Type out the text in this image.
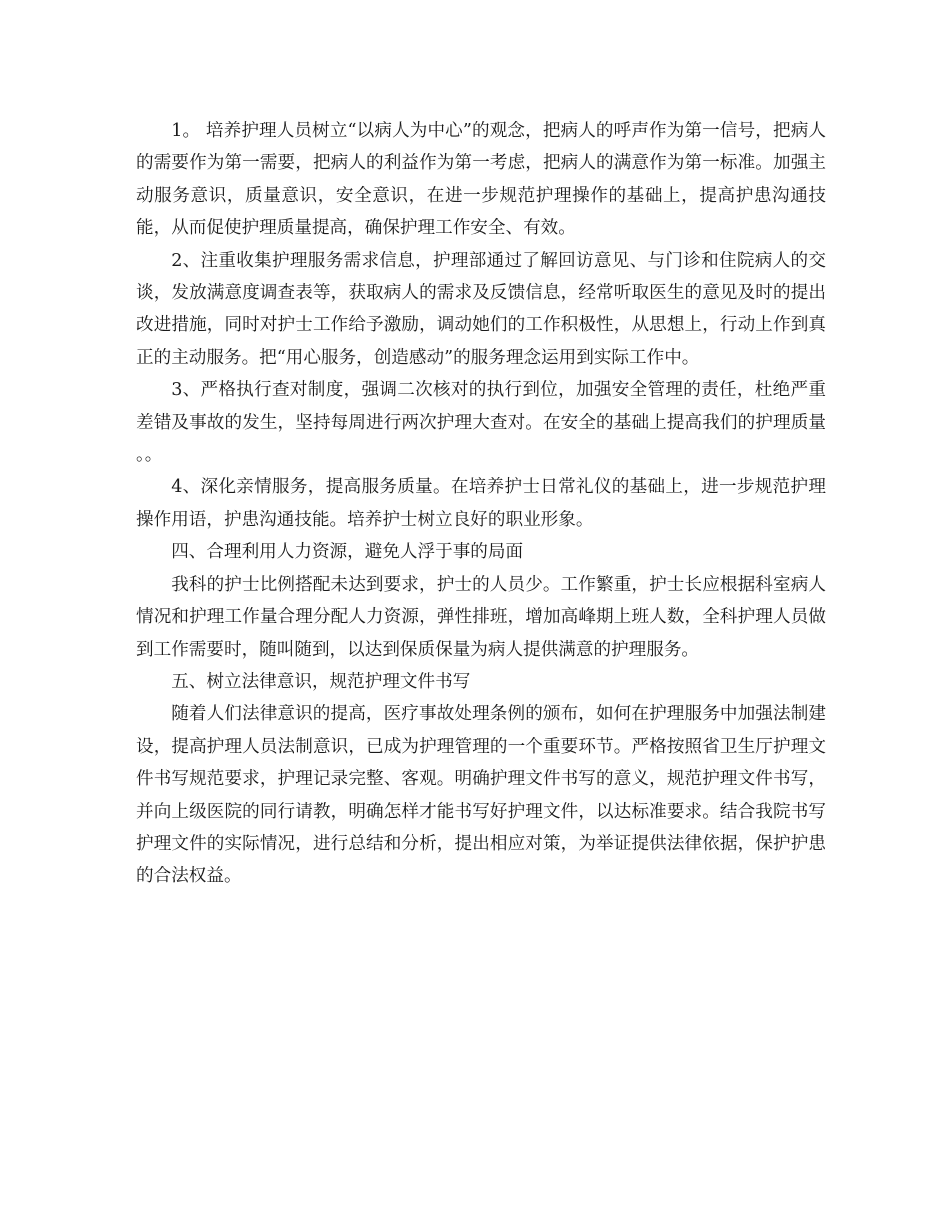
1。 培养护理人员树立“以病人为中心”的观念，把病人的呼声作为第一信号，把病人的需要作为第一需要，把病人的利益作为第一考虑，把病人的满意作为第一标准。加强主动服务意识，质量意识，安全意识，在进一步规范护理操作的基础上，提高护患沟通技能，从而促使护理质量提高，确保护理工作安全、有效。

2、注重收集护理服务需求信息，护理部通过了解回访意见、与门诊和住院病人的交谈，发放满意度调查表等，获取病人的需求及反馈信息，经常听取医生的意见及时的提出改进措施，同时对护士工作给予激励，调动她们的工作积极性，从思想上，行动上作到真正的主动服务。把“用心服务，创造感动”的服务理念运用到实际工作中。

3、严格执行查对制度，强调二次核对的执行到位，加强安全管理的责任，杜绝严重差错及事故的发生，坚持每周进行两次护理大查对。在安全的基础上提高我们的护理质量 。。

4、深化亲情服务，提高服务质量。在培养护士日常礼仪的基础上，进一步规范护理操作用语，护患沟通技能。培养护士树立良好的职业形象。

四、合理利用人力资源，避免人浮于事的局面

我科的护士比例搭配未达到要求，护士的人员少。工作繁重，护士长应根据科室病人情况和护理工作量合理分配人力资源，弹性排班，增加高峰期上班人数，全科护理人员做到工作需要时，随叫随到，以达到保质保量为病人提供满意的护理服务。

五、树立法律意识，规范护理文件书写

随着人们法律意识的提高，医疗事故处理条例的颁布，如何在护理服务中加强法制建设，提高护理人员法制意识，已成为护理管理的一个重要环节。严格按照省卫生厅护理文件书写规范要求，护理记录完整、客观。明确护理文件书写的意义，规范护理文件书写，并向上级医院的同行请教，明确怎样才能书写好护理文件，以达标准要求。结合我院书写护理文件的实际情况，进行总结和分析，提出相应对策，为举证提供法律依据，保护护患的合法权益。
